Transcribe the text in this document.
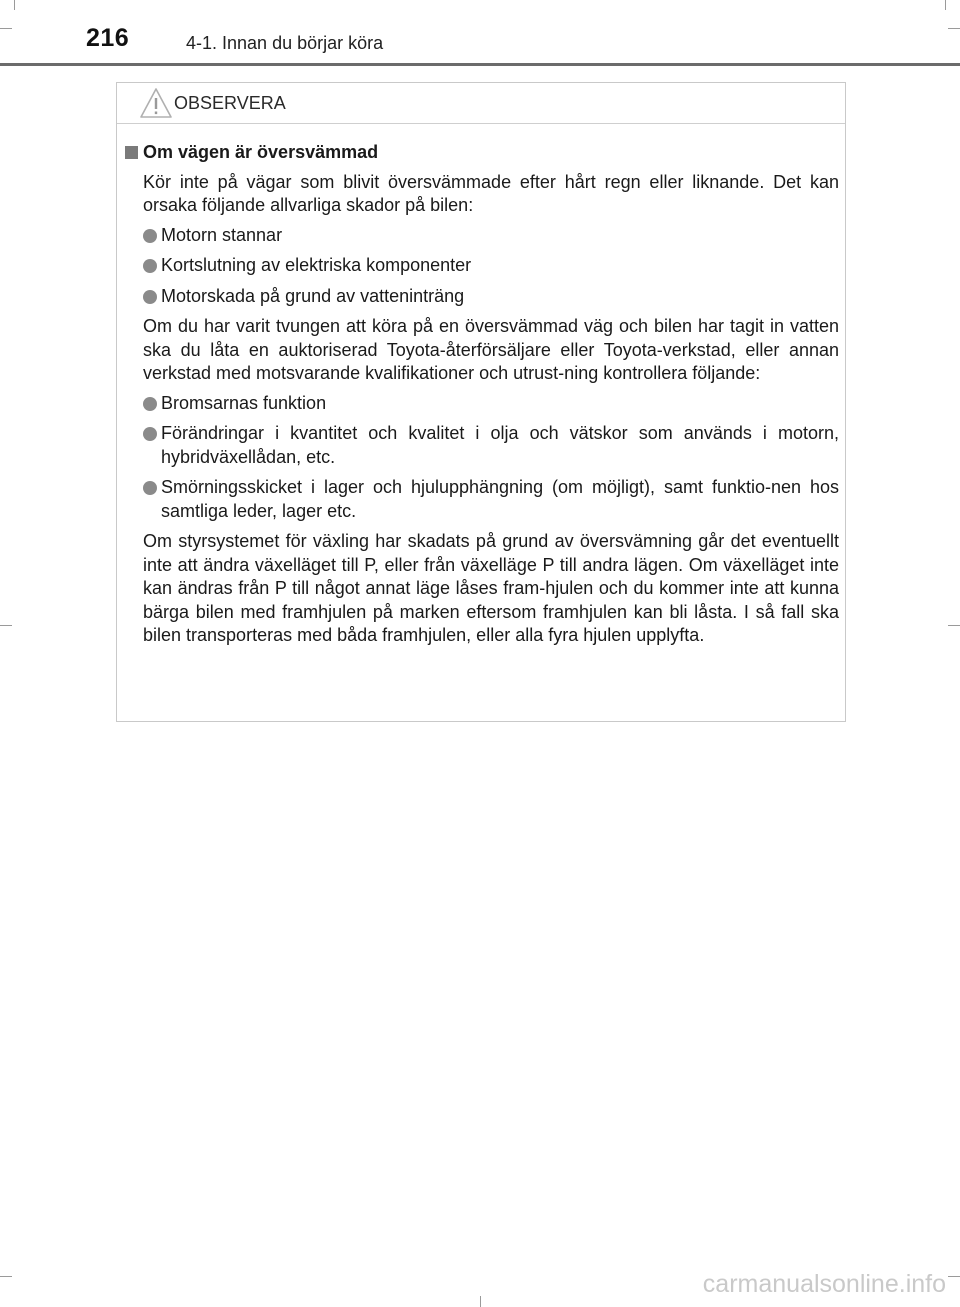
216	4-1. Innan du börjar köra
OBSERVERA
Om vägen är översvämmad
Kör inte på vägar som blivit översvämmade efter hårt regn eller liknande. Det kan orsaka följande allvarliga skador på bilen:
Motorn stannar
Kortslutning av elektriska komponenter
Motorskada på grund av vatteninträng
Om du har varit tvungen att köra på en översvämmad väg och bilen har tagit in vatten ska du låta en auktoriserad Toyota-återförsäljare eller Toyota-verkstad, eller annan verkstad med motsvarande kvalifikationer och utrust-ning kontrollera följande:
Bromsarnas funktion
Förändringar i kvantitet och kvalitet i olja och vätskor som används i motorn, hybridväxellådan, etc.
Smörningsskicket i lager och hjulupphängning (om möjligt), samt funktio-nen hos samtliga leder, lager etc.
Om styrsystemet för växling har skadats på grund av översvämning går det eventuellt inte att ändra växelläget till P, eller från växelläge P till andra lägen. Om växelläget inte kan ändras från P till något annat läge låses fram-hjulen och du kommer inte att kunna bärga bilen med framhjulen på marken eftersom framhjulen kan bli låsta. I så fall ska bilen transporteras med båda framhjulen, eller alla fyra hjulen upplyfta.
carmanualsonline.info
